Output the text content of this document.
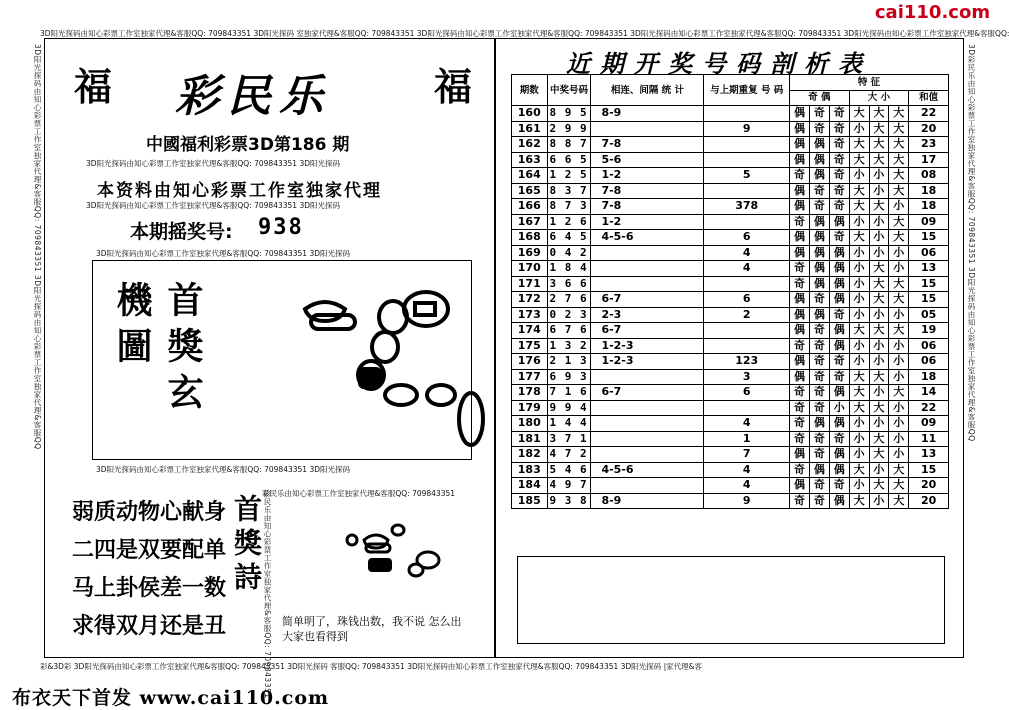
cai110.com
3D阳光探码由知心彩票工作室独家代理&客服QQ: 709843351 3D阳光探码 室独家代理&客服QQ: 709843351 3D阳光探码由知心彩票工作室独家代理&客服QQ: 709843351 3D阳光探码由知心彩票工作室独家代理&客服QQ: 709843351 3D阳光探码由知心彩票工作室独家代理&客服QQ:
彩&3D彩 3D阳光探码由知心彩票工作室独家代理&客服QQ: 709843351 3D阳光探码 客服QQ: 709843351 3D阳光探码由知心彩票工作室独家代理&客服QQ: 709843351 3D阳光探码 |家代理&客
3D阳光探码由知心彩票工作室独家代理&客服QQ: 709843351 3D阳光探码由知心彩票工作室独家代理&客服QQ	3D彩民乐由知心彩票工作室独家代理&客服QQ: 709843351 3D阳光探码由知心彩票工作室独家代理&客服QQ
福	福
彩民乐
中國福利彩票3D第186 期
3D阳光探码由知心彩票工作室独家代理&客服QQ: 709843351 3D阳光探码
本资料由知心彩票工作室独家代理
3D阳光探码由知心彩票工作室独家代理&客服QQ: 709843351 3D阳光探码
本期摇奖号: 938
3D阳光探码由知心彩票工作室独家代理&客服QQ: 709843351 3D阳光探码
首獎玄機圖
3D阳光探码由知心彩票工作室独家代理&客服QQ: 709843351 3D阳光探码
弱质动物心献身
二四是双要配单
马上卦侯差一数
求得双月还是丑
首獎詩 彩民乐由知心彩票工作室独家代理&客服QQ: 709843351
彩民乐由知心彩票工作室独家代理&客服QQ: 709843351
简单明了，珠钱出数，我不说 怎么出大家也看得到
布衣天下首发 www.cai110.com
近期开奖号码剖析表
期数	中奖号码	相连、间隔 统 计	与上期重复 号 码	特 征						
				奇 偶			大 小			和值
160	8 9 5	8-9		偶	奇	奇	大	大	大	22
161	2 9 9		9	偶	奇	奇	小	大	大	20
162	8 8 7	7-8		偶	偶	奇	大	大	大	23
163	6 6 5	5-6		偶	偶	奇	大	大	大	17
164	1 2 5	1-2	5	奇	偶	奇	小	小	大	08
165	8 3 7	7-8		偶	奇	奇	大	小	大	18
166	8 7 3	7-8	378	偶	奇	奇	大	大	小	18
167	1 2 6	1-2		奇	偶	偶	小	小	大	09
168	6 4 5	4-5-6	6	偶	偶	奇	大	小	大	15
169	0 4 2		4	偶	偶	偶	小	小	小	06
170	1 8 4		4	奇	偶	偶	小	大	小	13
171	3 6 6			奇	偶	偶	小	大	大	15
172	2 7 6	6-7	6	偶	奇	偶	小	大	大	15
173	0 2 3	2-3	2	偶	偶	奇	小	小	小	05
174	6 7 6	6-7		偶	奇	偶	大	大	大	19
175	1 3 2	1-2-3		奇	奇	偶	小	小	小	06
176	2 1 3	1-2-3	123	偶	奇	奇	小	小	小	06
177	6 9 3		3	偶	奇	奇	大	大	小	18
178	7 1 6	6-7	6	奇	奇	偶	大	小	大	14
179	9 9 4			奇	奇	小	大	大	小	22
180	1 4 4		4	奇	偶	偶	小	小	小	09
181	3 7 1		1	奇	奇	奇	小	大	小	11
182	4 7 2		7	偶	奇	偶	小	大	小	13
183	5 4 6	4-5-6	4	奇	偶	偶	大	小	大	15
184	4 9 7		4	偶	奇	奇	小	大	大	20
185	9 3 8	8-9	9	奇	奇	偶	大	小	大	20
